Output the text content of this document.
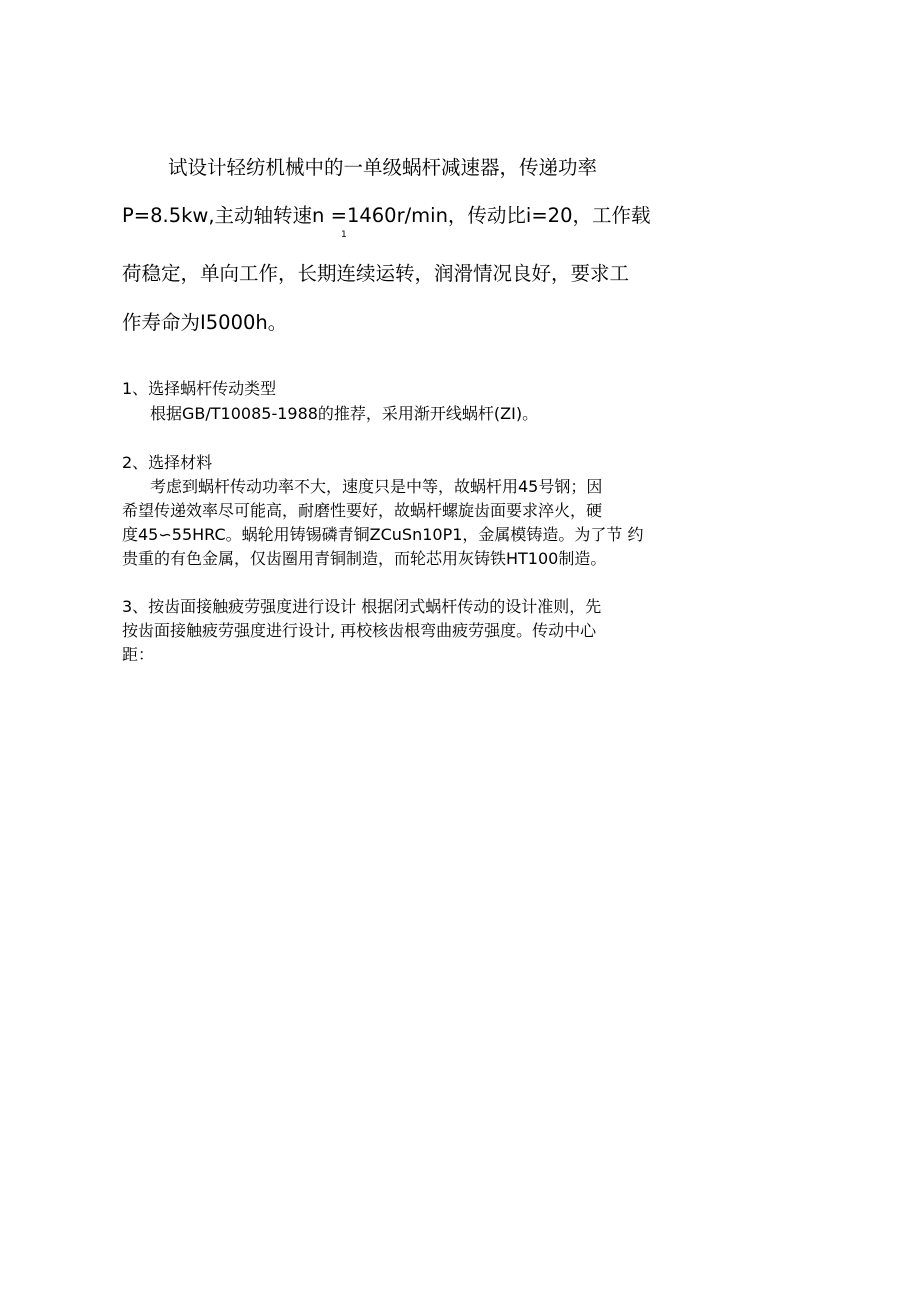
试设计轻纺机械中的一单级蜗杆减速器，传递功率
P=8.5kw,主动轴转速n =1460r/min，传动比i=20，工作载
1
荷稳定，单向工作，长期连续运转，润滑情况良好，要求工
作寿命为I5000h。
1、选择蜗杆传动类型
根据GB/T10085-1988的推荐，采用渐开线蜗杆(ZI)。
2、选择材料
考虑到蜗杆传动功率不大，速度只是中等，故蜗杆用45号钢；因
希望传递效率尽可能高，耐磨性要好，故蜗杆螺旋齿面要求淬火，硬
度45∽55HRC。蜗轮用铸锡磷青铜ZCuSn10P1，金属模铸造。为了节 约
贵重的有色金属，仅齿圈用青铜制造，而轮芯用灰铸铁HT100制造。
3、按齿面接触疲劳强度进行设计 根据闭式蜗杆传动的设计准则，先
按齿面接触疲劳强度进行设计, 再校核齿根弯曲疲劳强度。传动中心
距：
